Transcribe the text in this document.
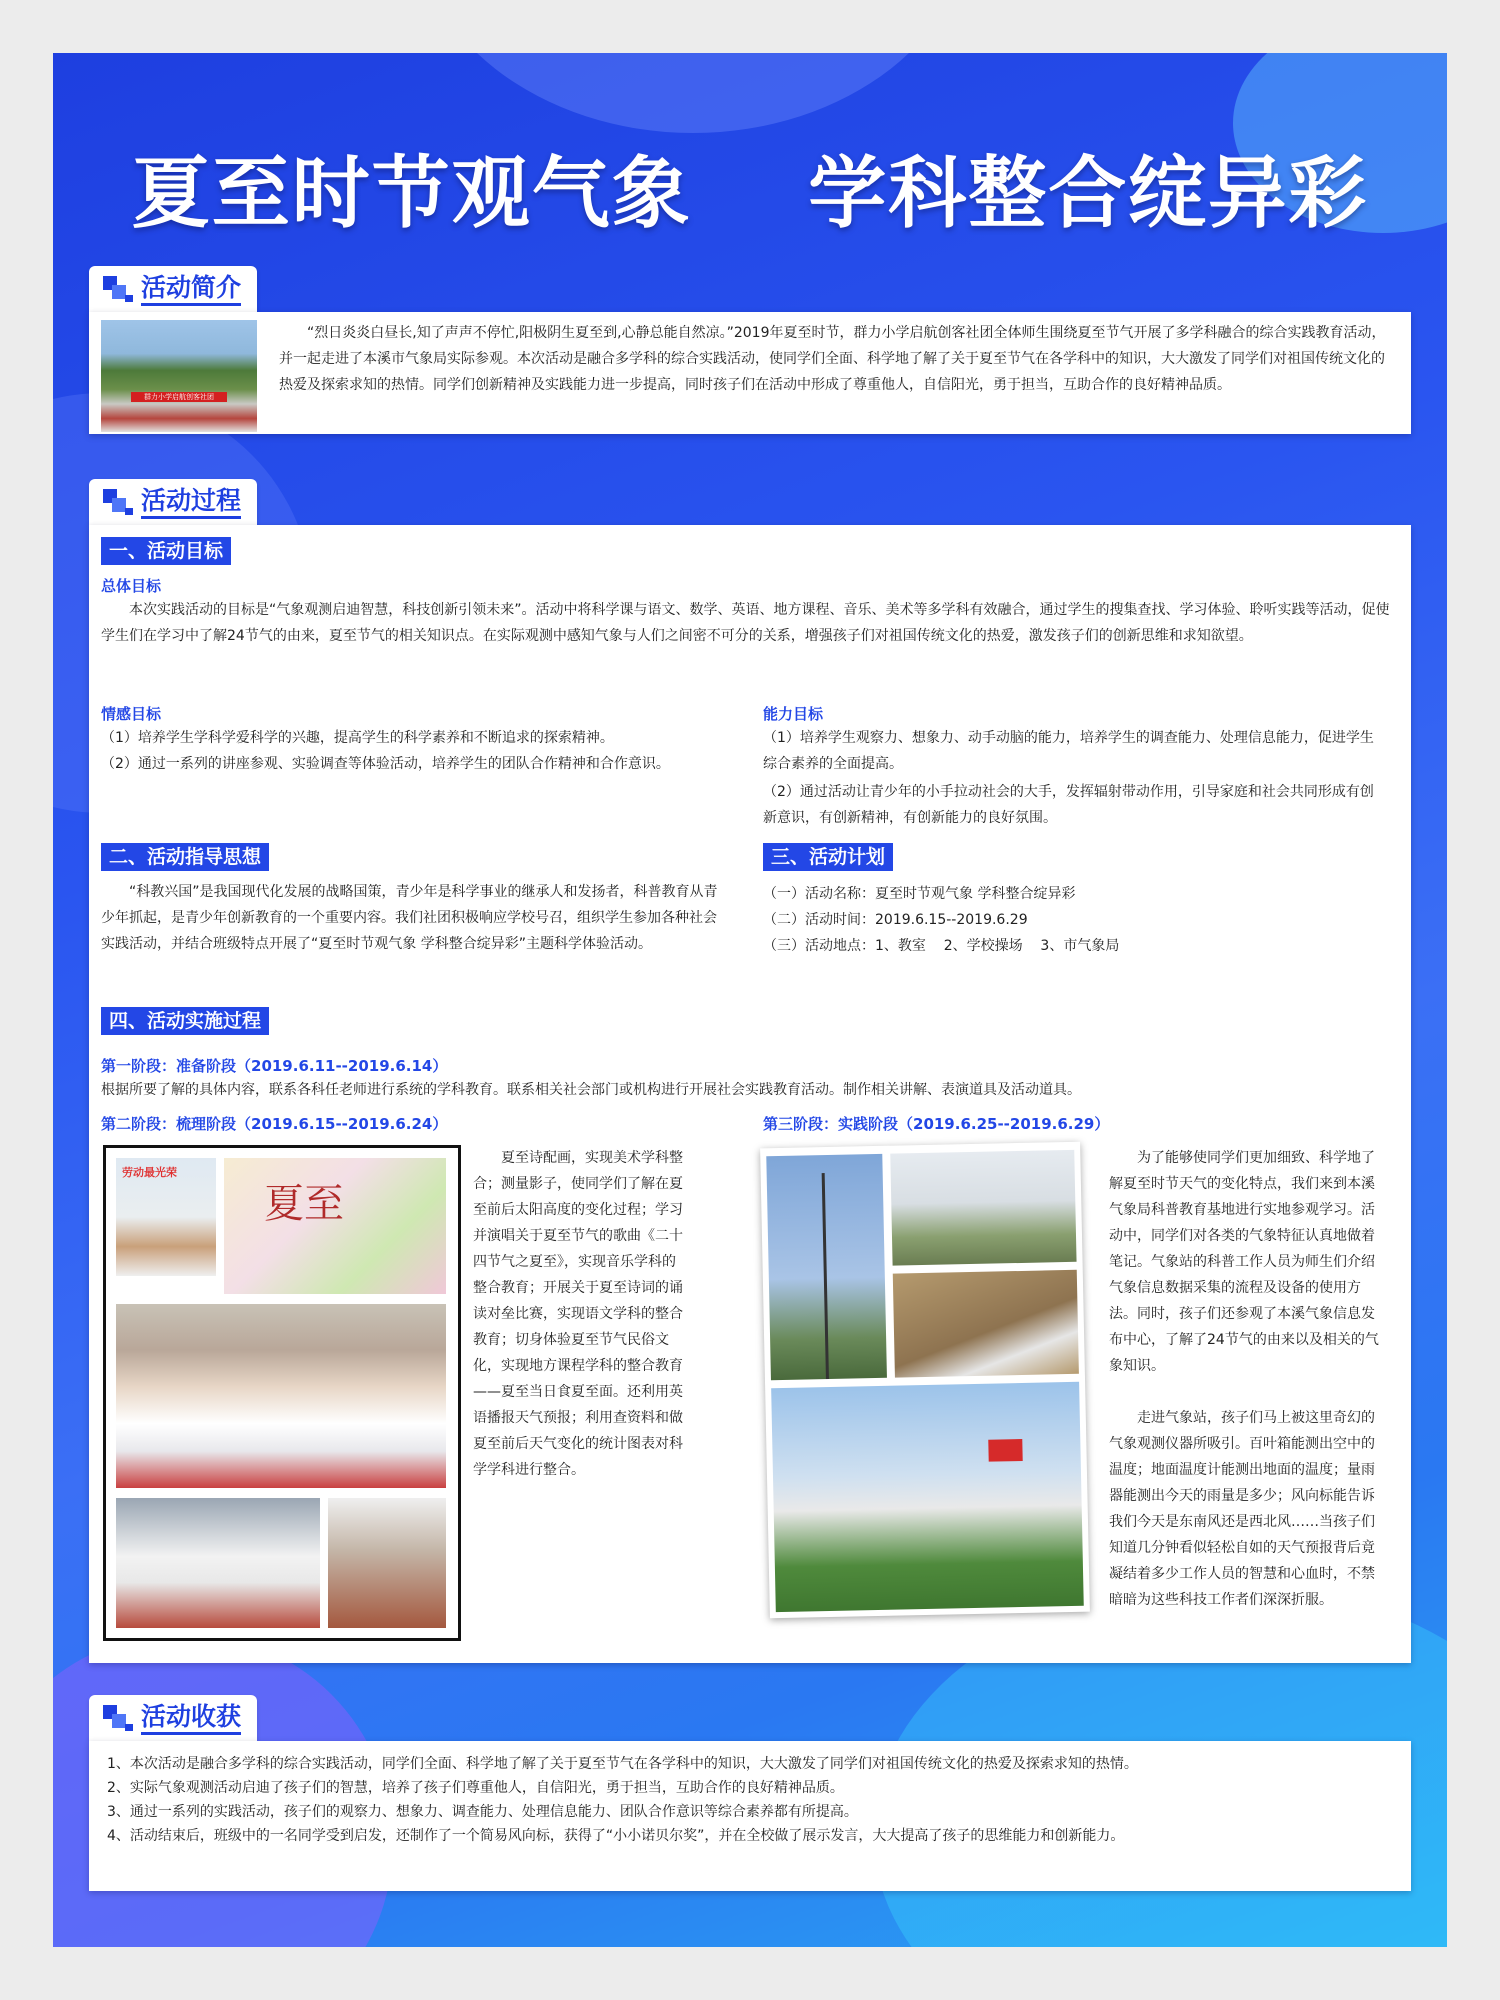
夏至时节观气象    学科整合绽异彩
活动简介
群力小学启航创客社团
“烈日炎炎白昼长,知了声声不停忙,阳极阴生夏至到,心静总能自然凉。”2019年夏至时节，群力小学启航创客社团全体师生围绕夏至节气开展了多学科融合的综合实践教育活动，并一起走进了本溪市气象局实际参观。本次活动是融合多学科的综合实践活动，使同学们全面、科学地了解了关于夏至节气在各学科中的知识，大大激发了同学们对祖国传统文化的热爱及探索求知的热情。同学们创新精神及实践能力进一步提高，同时孩子们在活动中形成了尊重他人，自信阳光，勇于担当，互助合作的良好精神品质。
活动过程
一、活动目标
总体目标
本次实践活动的目标是“气象观测启迪智慧，科技创新引领未来”。活动中将科学课与语文、数学、英语、地方课程、音乐、美术等多学科有效融合，通过学生的搜集查找、学习体验、聆听实践等活动，促使学生们在学习中了解24节气的由来，夏至节气的相关知识点。在实际观测中感知气象与人们之间密不可分的关系，增强孩子们对祖国传统文化的热爱，激发孩子们的创新思维和求知欲望。
情感目标
（1）培养学生学科学爱科学的兴趣，提高学生的科学素养和不断追求的探索精神。
（2）通过一系列的讲座参观、实验调查等体验活动，培养学生的团队合作精神和合作意识。
能力目标
（1）培养学生观察力、想象力、动手动脑的能力，培养学生的调查能力、处理信息能力，促进学生综合素养的全面提高。
（2）通过活动让青少年的小手拉动社会的大手，发挥辐射带动作用，引导家庭和社会共同形成有创新意识，有创新精神，有创新能力的良好氛围。
二、活动指导思想
“科教兴国”是我国现代化发展的战略国策，青少年是科学事业的继承人和发扬者，科普教育从青少年抓起，是青少年创新教育的一个重要内容。我们社团积极响应学校号召，组织学生参加各种社会实践活动，并结合班级特点开展了“夏至时节观气象 学科整合绽异彩”主题科学体验活动。
三、活动计划
（一）活动名称：夏至时节观气象 学科整合绽异彩
（二）活动时间：2019.6.15--2019.6.29
（三）活动地点：1、教室    2、学校操场    3、市气象局
四、活动实施过程
第一阶段：准备阶段（2019.6.11--2019.6.14）
根据所要了解的具体内容，联系各科任老师进行系统的学科教育。联系相关社会部门或机构进行开展社会实践教育活动。制作相关讲解、表演道具及活动道具。
第二阶段：梳理阶段（2019.6.15--2019.6.24）
劳动最光荣
夏至
夏至诗配画，实现美术学科整合；测量影子，使同学们了解在夏至前后太阳高度的变化过程；学习并演唱关于夏至节气的歌曲《二十四节气之夏至》，实现音乐学科的整合教育；开展关于夏至诗词的诵读对垒比赛，实现语文学科的整合教育；切身体验夏至节气民俗文化，实现地方课程学科的整合教育——夏至当日食夏至面。还利用英语播报天气预报；利用查资料和做夏至前后天气变化的统计图表对科学学科进行整合。
第三阶段：实践阶段（2019.6.25--2019.6.29）
为了能够使同学们更加细致、科学地了解夏至时节天气的变化特点，我们来到本溪气象局科普教育基地进行实地参观学习。活动中，同学们对各类的气象特征认真地做着笔记。气象站的科普工作人员为师生们介绍气象信息数据采集的流程及设备的使用方法。同时，孩子们还参观了本溪气象信息发布中心，了解了24节气的由来以及相关的气象知识。
走进气象站，孩子们马上被这里奇幻的气象观测仪器所吸引。百叶箱能测出空中的温度；地面温度计能测出地面的温度；量雨器能测出今天的雨量是多少；风向标能告诉我们今天是东南风还是西北风……当孩子们知道几分钟看似轻松自如的天气预报背后竟凝结着多少工作人员的智慧和心血时，不禁暗暗为这些科技工作者们深深折服。
活动收获
1、本次活动是融合多学科的综合实践活动，同学们全面、科学地了解了关于夏至节气在各学科中的知识，大大激发了同学们对祖国传统文化的热爱及探索求知的热情。
2、实际气象观测活动启迪了孩子们的智慧，培养了孩子们尊重他人，自信阳光，勇于担当，互助合作的良好精神品质。
3、通过一系列的实践活动，孩子们的观察力、想象力、调查能力、处理信息能力、团队合作意识等综合素养都有所提高。
4、活动结束后，班级中的一名同学受到启发，还制作了一个简易风向标，获得了“小小诺贝尔奖”，并在全校做了展示发言，大大提高了孩子的思维能力和创新能力。
